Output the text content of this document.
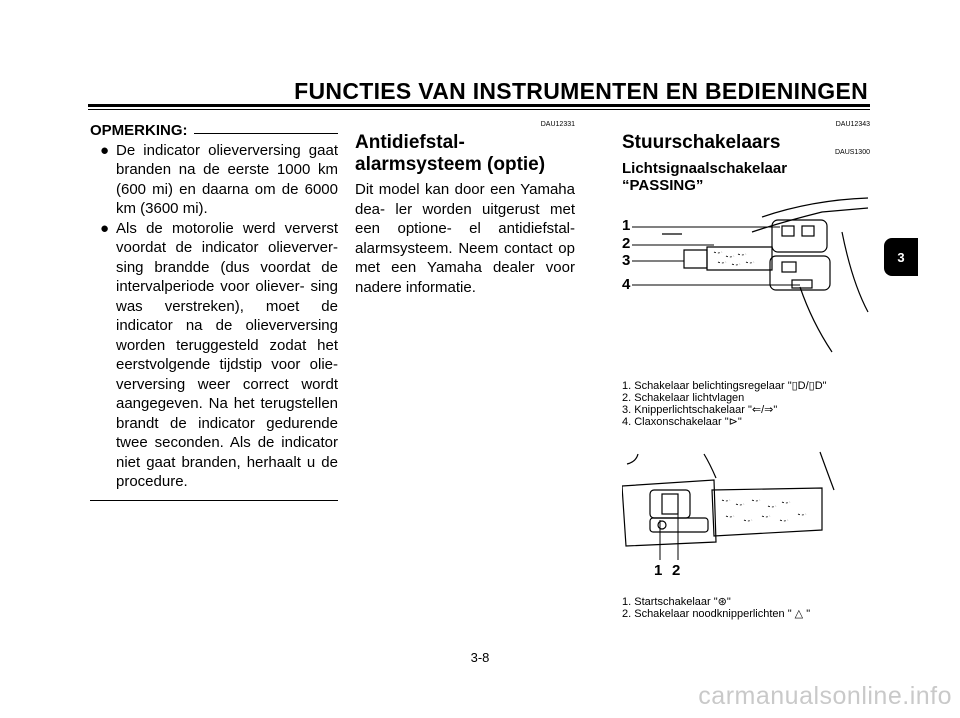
FUNCTIES VAN INSTRUMENTEN EN BEDIENINGEN
OPMERKING:
● De indicator olieverversing gaat branden na de eerste 1000 km (600 mi) en daarna om de 6000 km (3600 mi).
● Als de motorolie werd ververst voordat de indicator olieverver- sing brandde (dus voordat de intervalperiode voor oliever- sing was verstreken), moet de indicator na de olieverversing worden teruggesteld zodat het eerstvolgende tijdstip voor olie- verversing weer correct wordt aangegeven. Na het terugstellen brandt de indicator gedurende twee seconden. Als de indicator niet gaat branden, herhaalt u de procedure.
DAU12331
Antidiefstal-alarmsysteem (optie)
Dit model kan door een Yamaha dea- ler worden uitgerust met een optione- el antidiefstal-alarmsysteem. Neem contact op met een Yamaha dealer voor nadere informatie.
DAU12343
Stuurschakelaars	DAUS1300
Lichtsignaalschakelaar “PASSING”
1
2
3
4
1. Schakelaar belichtingsregelaar "▯D/▯D"
2. Schakelaar lichtvlagen
3. Knipperlichtschakelaar "⇐/⇒"
4. Claxonschakelaar "⊳"
1 2
1. Startschakelaar "⊛"
2. Schakelaar noodknipperlichten " △ "
3
3-8
carmanualsonline.info
